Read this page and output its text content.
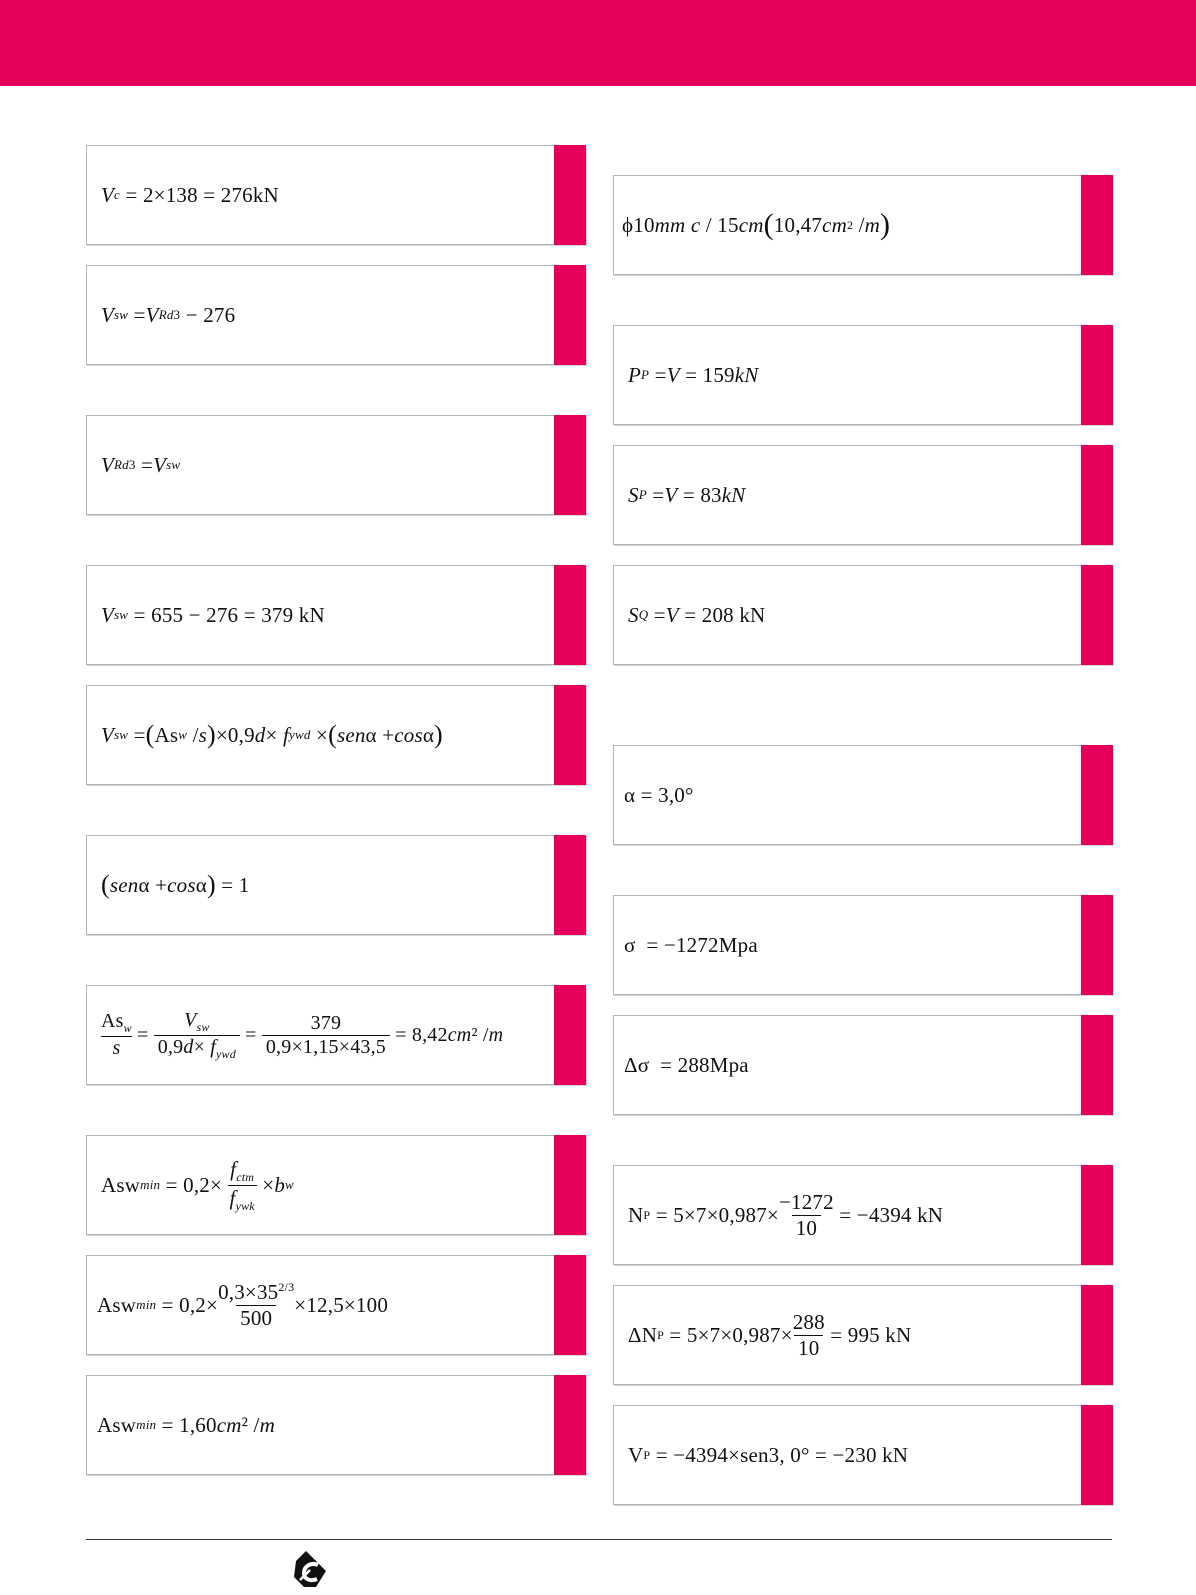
V c = 2×138 = 276kN
V sw = V Rd3 − 276
V Rd3 = V sw
V sw = 655 − 276 = 379 kN
V sw = ( As w / s ) ×0,9 d × f ywd × ( sen α + cos α )
( sen α + cos α ) = 1
$As_w$
s
=
$V_{sw}$
$0,9d\times f_{ywd}$
=
379
0,9×1,15×43,5
= 8,42 cm ² / m
Asw min = 0,2×
$f_{ctm}$
$f_{ywk}$
× b w
Asw min = 0,2×
$0,3\times 35^{2/3}$
500
×12,5×100
Asw min = 1,60 cm ² / m
ϕ10 mm c / 15 cm ( 10,47 cm 2 / m )
P P = V = 159 kN
S P = V = 83 kN
S Q = V = 208 kN
α = 3,0°
σ  = −1272Mpa
Δσ  = 288Mpa
N P = 5×7×0,987×
−1272
10
= −4394 kN
ΔN P = 5×7×0,987×
288
10
= 995 kN
V P = −4394×sen3, 0° = −230 kN
